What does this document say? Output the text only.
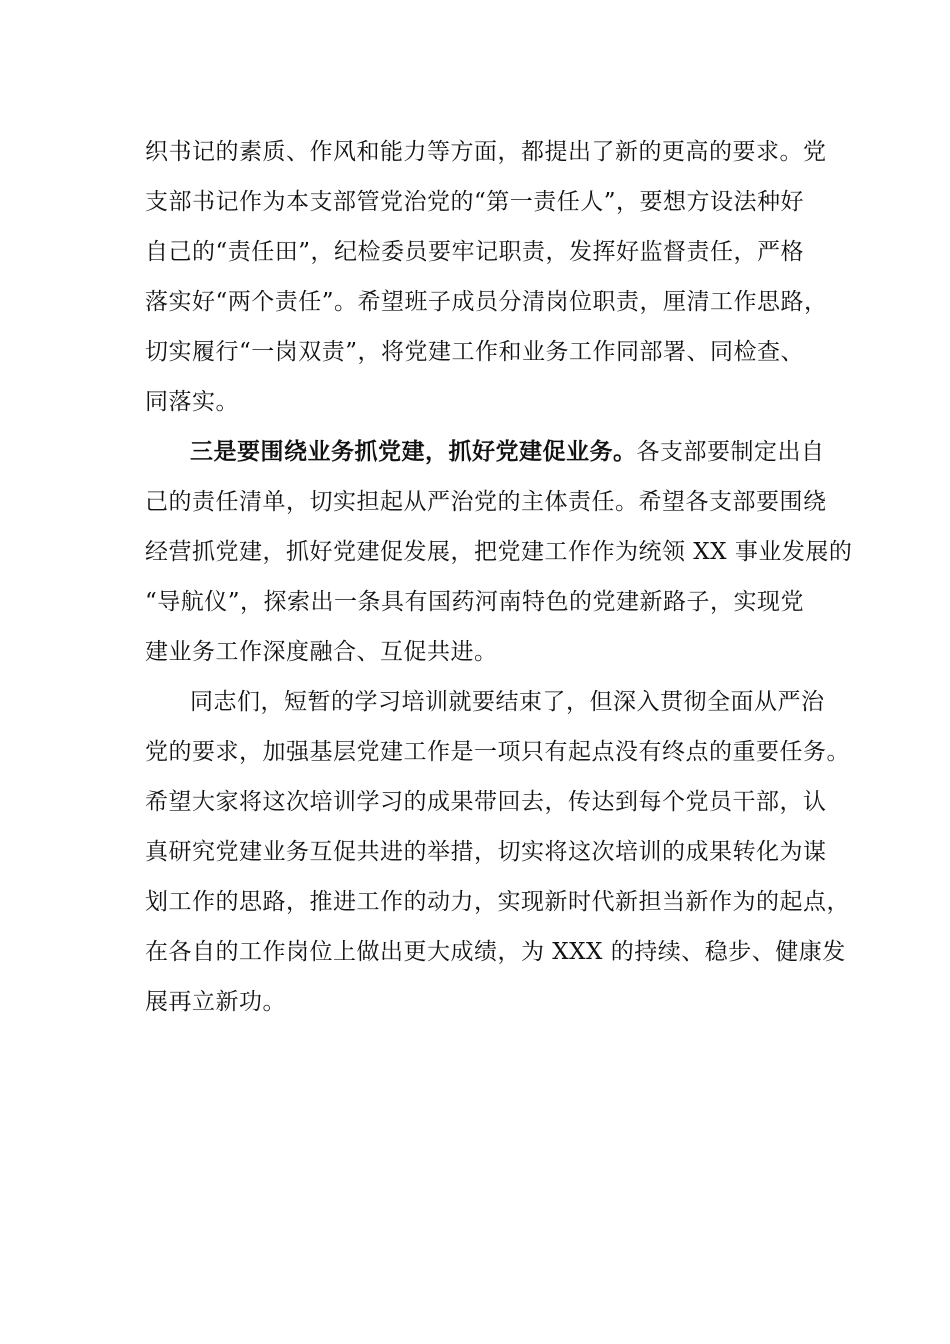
织书记的素质、作风和能力等方面，都提出了新的更高的要求。党
支部书记作为本支部管党治党的“第一责任人”，要想方设法种好
自己的“责任田”，纪检委员要牢记职责，发挥好监督责任，严格
落实好“两个责任”。希望班子成员分清岗位职责，厘清工作思路，
切实履行“一岗双责”，将党建工作和业务工作同部署、同检查、
同落实。
三是要围绕业务抓党建，抓好党建促业务。各支部要制定出自
己的责任清单，切实担起从严治党的主体责任。希望各支部要围绕
经营抓党建，抓好党建促发展，把党建工作作为统领 XX 事业发展的
“导航仪”，探索出一条具有国药河南特色的党建新路子，实现党
建业务工作深度融合、互促共进。
同志们，短暂的学习培训就要结束了，但深入贯彻全面从严治
党的要求，加强基层党建工作是一项只有起点没有终点的重要任务。
希望大家将这次培训学习的成果带回去，传达到每个党员干部，认
真研究党建业务互促共进的举措，切实将这次培训的成果转化为谋
划工作的思路，推进工作的动力，实现新时代新担当新作为的起点，
在各自的工作岗位上做出更大成绩，为 XXX 的持续、稳步、健康发
展再立新功。
